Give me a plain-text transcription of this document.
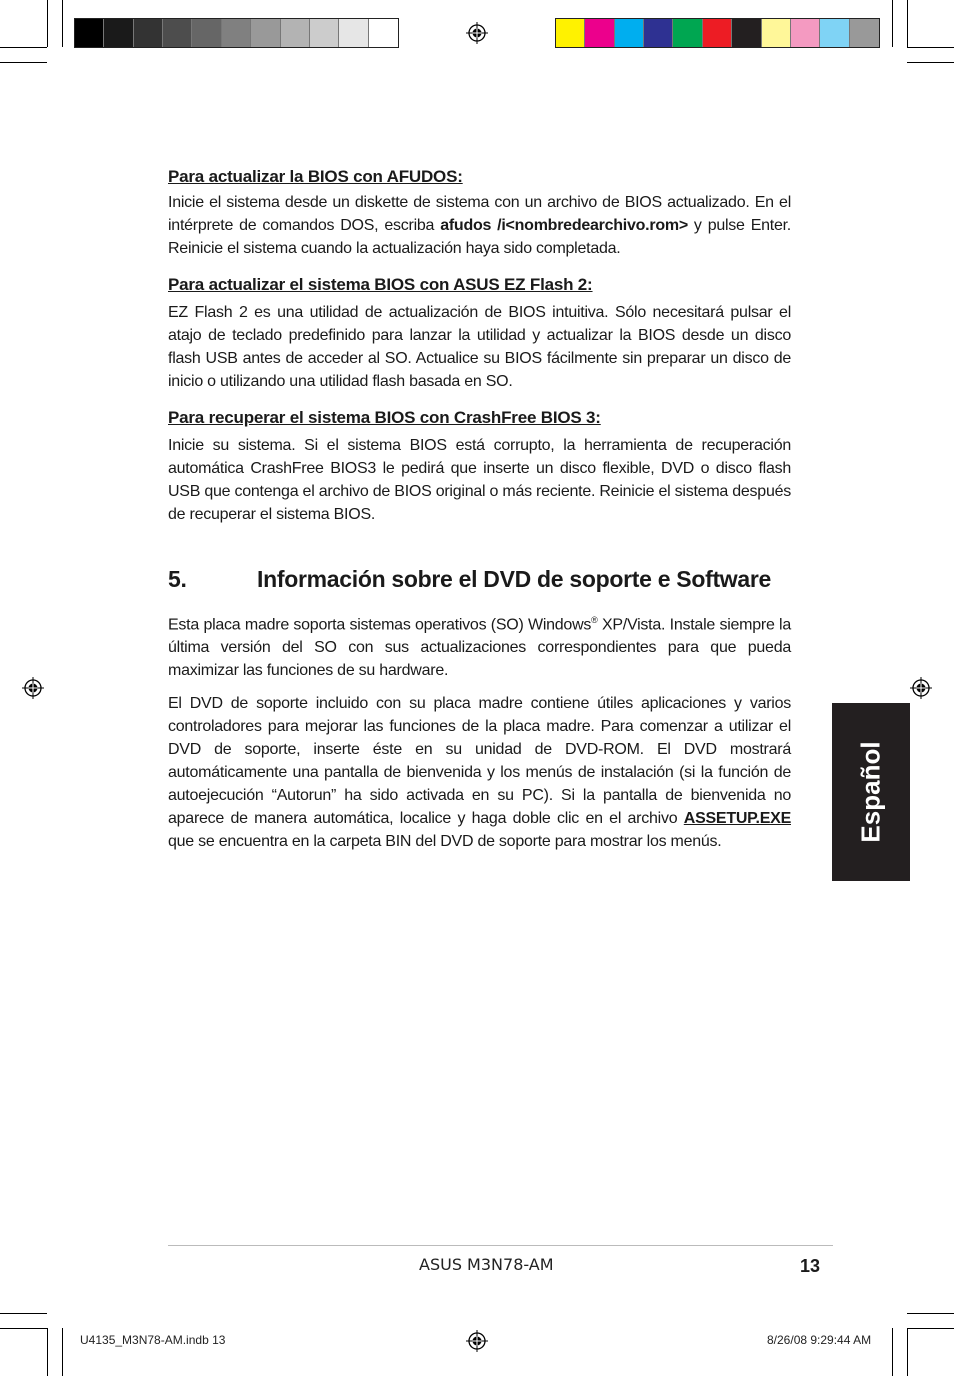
Para actualizar la BIOS con AFUDOS:

Inicie el sistema desde un diskette de sistema con un archivo de BIOS actualizado. En el intérprete de comandos DOS, escriba afudos /i<nombredearchivo.rom> y pulse Enter. Reinicie el sistema cuando la actualización haya sido completada.

Para actualizar el sistema BIOS con ASUS EZ Flash 2:

EZ Flash 2 es una utilidad de actualización de BIOS intuitiva. Sólo necesitará pulsar el atajo de teclado predefinido para lanzar la utilidad y actualizar la BIOS desde un disco flash USB antes de acceder al SO. Actualice su BIOS fácilmente sin preparar un disco de inicio o utilizando una utilidad flash basada en SO.

Para recuperar el sistema BIOS con CrashFree BIOS 3:

Inicie su sistema. Si el sistema BIOS está corrupto, la herramienta de recuperación automática CrashFree BIOS3 le pedirá que inserte un disco flexible, DVD o disco flash USB que contenga el archivo de BIOS original o más reciente. Reinicie el sistema después de recuperar el sistema BIOS.

5.	Información sobre el DVD de soporte e Software

Esta placa madre soporta sistemas operativos (SO) Windows® XP/Vista. Instale siempre la última versión del SO con sus actualizaciones correspondientes para que pueda maximizar las funciones de su hardware.

El DVD de soporte incluido con su placa madre contiene útiles aplicaciones y varios controladores para mejorar las funciones de la placa madre. Para comenzar a utilizar el DVD de soporte, inserte éste en su unidad de DVD-ROM. El DVD mostrará automáticamente una pantalla de bienvenida y los menús de instalación (si la función de autoejecución “Autorun” ha sido activada en su PC). Si la pantalla de bienvenida no aparece de manera automática, localice y haga doble clic en el archivo ASSETUP.EXE que se encuentra en la carpeta BIN del DVD de soporte para mostrar los menús.	Español
ASUS M3N78-AM	13
U4135_M3N78-AM.indb 13	8/26/08 9:29:44 AM
